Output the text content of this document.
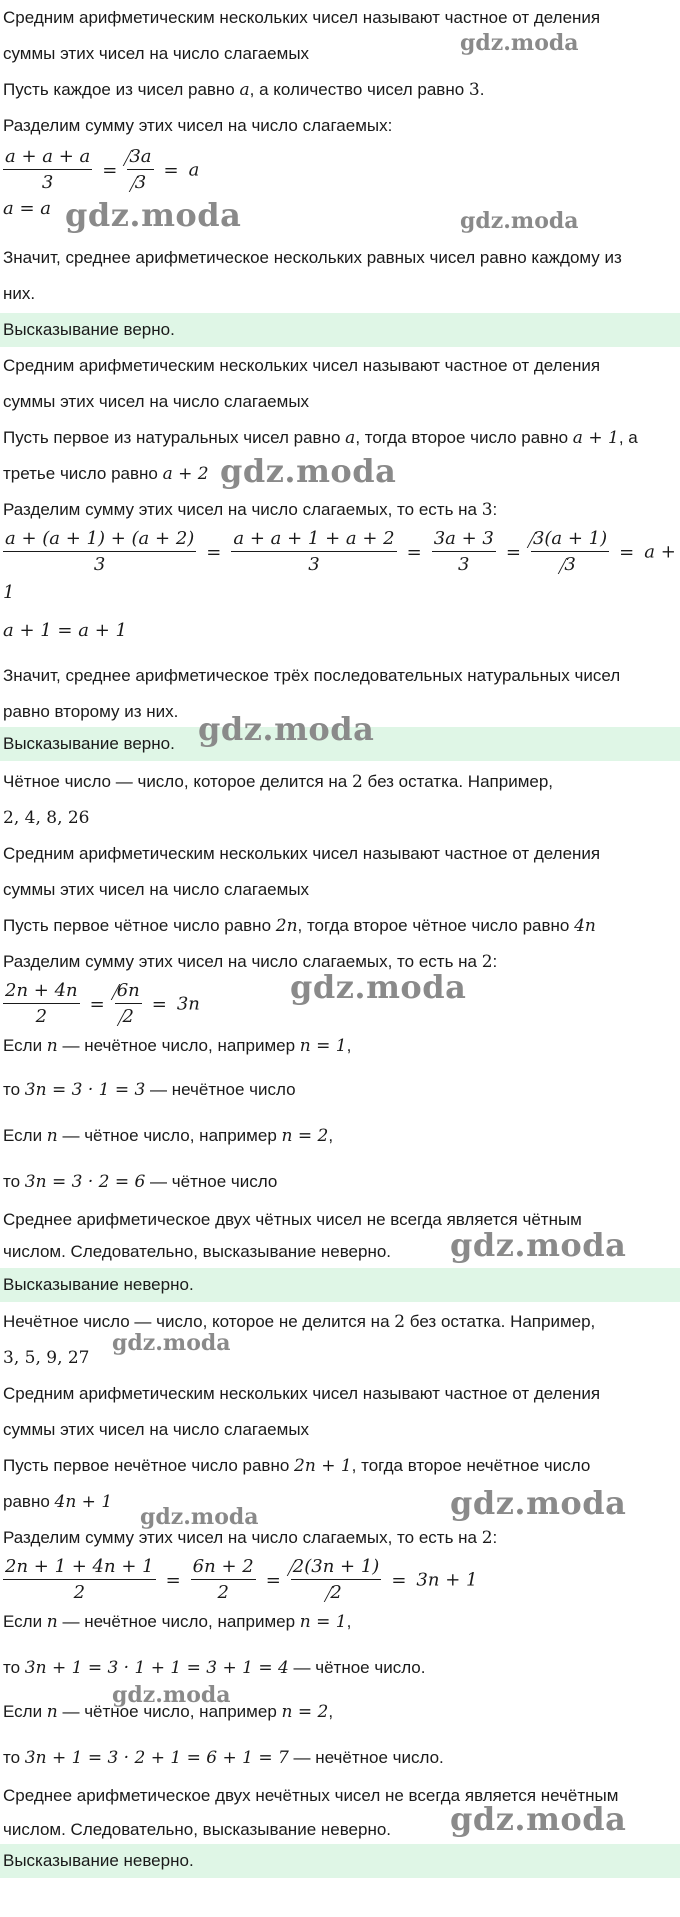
Средним арифметическим нескольких чисел называют частное от деления
суммы этих чисел на число слагаемых
Пусть каждое из чисел равно a, а количество чисел равно 3.
Разделим сумму этих чисел на число слагаемых:
$\frac{a + a + a}{3} = \frac{3a}{3} = a$
a = a
Значит, среднее арифметическое нескольких равных чисел равно каждому из
них.
Высказывание верно.
Средним арифметическим нескольких чисел называют частное от деления
суммы этих чисел на число слагаемых
Пусть первое из натуральных чисел равно a, тогда второе число равно a + 1, а
третье число равно a + 2
Разделим сумму этих чисел на число слагаемых, то есть на 3:
$\frac{a + (a + 1) + (a + 2)}{3} = \frac{a + a + 1 + a + 2}{3} = \frac{3a + 3}{3} = \frac{3(a + 1)}{3} = a$ +
1
a + 1 = a + 1
Значит, среднее арифметическое трёх последовательных натуральных чисел
равно второму из них.
Высказывание верно.
Чётное число — число, которое делится на 2 без остатка. Например,
2, 4, 8, 26
Средним арифметическим нескольких чисел называют частное от деления
суммы этих чисел на число слагаемых
Пусть первое чётное число равно 2n, тогда второе чётное число равно 4n
Разделим сумму этих чисел на число слагаемых, то есть на 2:
$\frac{2n + 4n}{2} = \frac{6n}{2} = 3n$
Если n — нечётное число, например n = 1,
то 3n = 3 · 1 = 3 — нечётное число
Если n — чётное число, например n = 2,
то 3n = 3 · 2 = 6 — чётное число
Среднее арифметическое двух чётных чисел не всегда является чётным
числом. Следовательно, высказывание неверно.
Высказывание неверно.
Нечётное число — число, которое не делится на 2 без остатка. Например,
3, 5, 9, 27
Средним арифметическим нескольких чисел называют частное от деления
суммы этих чисел на число слагаемых
Пусть первое нечётное число равно 2n + 1, тогда второе нечётное число
равно 4n + 1
Разделим сумму этих чисел на число слагаемых, то есть на 2:
$\frac{2n + 1 + 4n + 1}{2} = \frac{6n + 2}{2} = \frac{2(3n + 1)}{2} = 3n + 1$
Если n — нечётное число, например n = 1,
то 3n + 1 = 3 · 1 + 1 = 3 + 1 = 4 — чётное число.
Если n — чётное число, например n = 2,
то 3n + 1 = 3 · 2 + 1 = 6 + 1 = 7 — нечётное число.
Среднее арифметическое двух нечётных чисел не всегда является нечётным
числом. Следовательно, высказывание неверно.
Высказывание неверно.
gdz.moda
gdz.moda	gdz.moda
gdz.moda
gdz.moda
gdz.moda
gdz.moda
gdz.moda
gdz.moda	gdz.moda
gdz.moda
gdz.moda
